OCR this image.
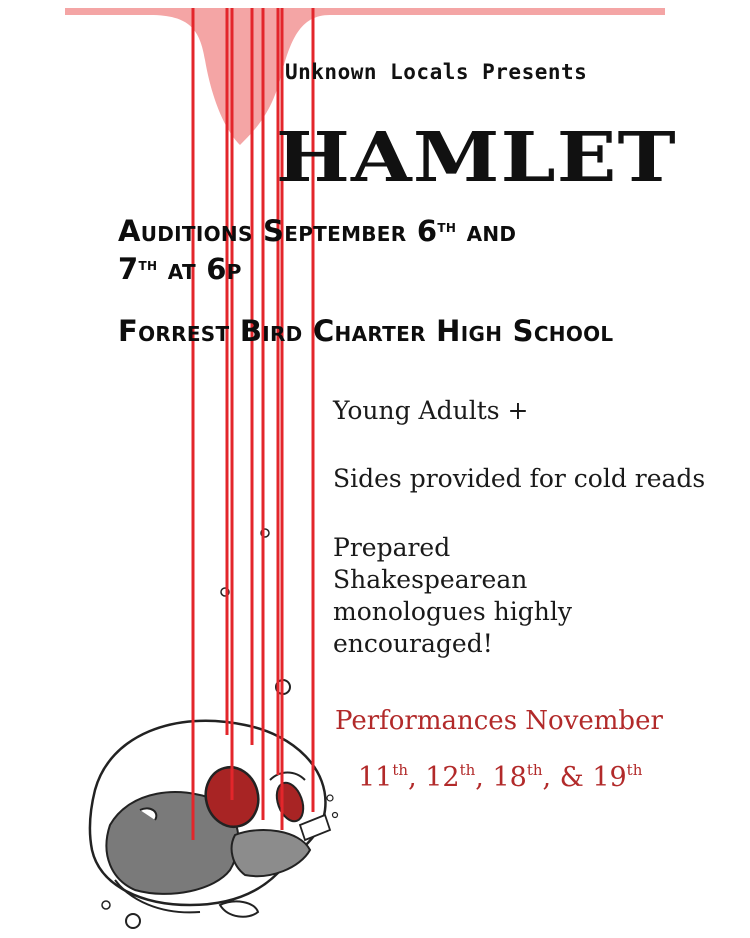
Unknown Locals Presents
HAMLET
Auditions September 6th and
7th at 6p
Forrest Bird Charter High School
Young Adults +
Sides provided for cold reads
Prepared Shakespearean monologues highly encouraged!
Performances November
11th, 12th, 18th, & 19th
